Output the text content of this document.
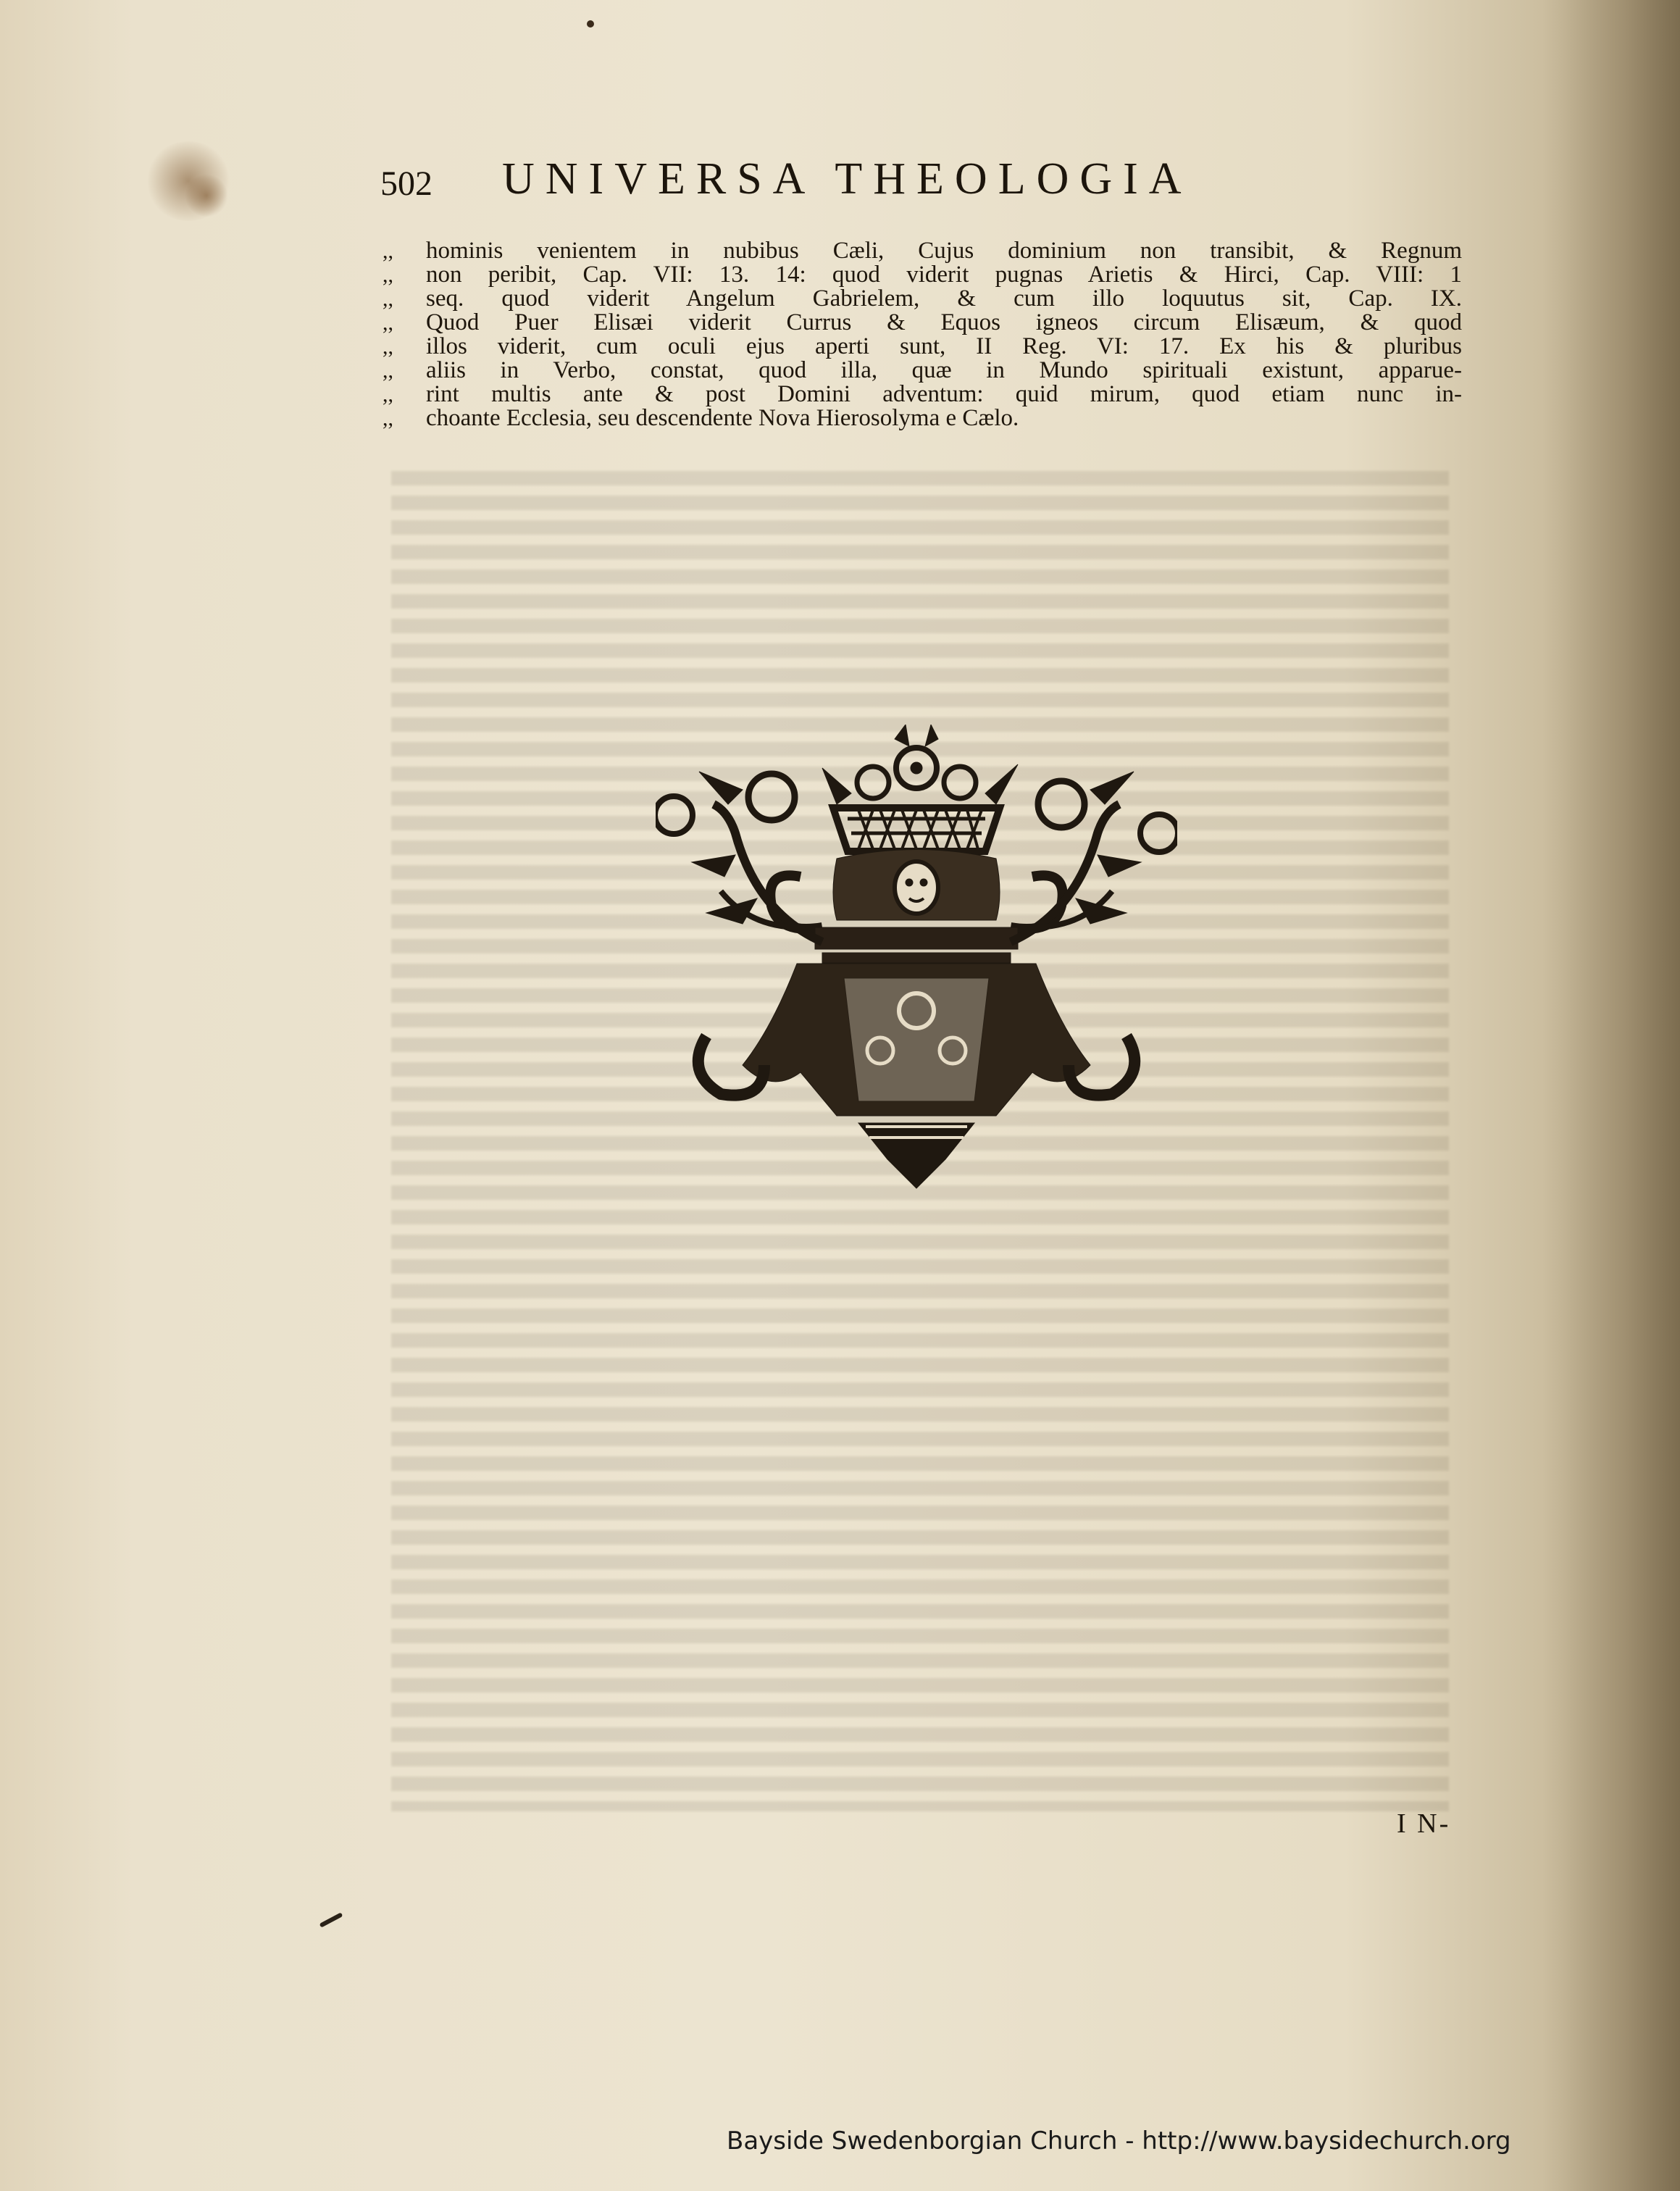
502 UNIVERSA THEOLOGIA
,,	hominis venientem in nubibus Cæli, Cujus dominium non transibit, & Regnum
,,	non peribit, Cap. VII: 13. 14: quod viderit pugnas Arietis & Hirci, Cap. VIII: 1
,,	seq. quod viderit Angelum Gabrielem, & cum illo loquutus sit, Cap. IX.
,,	Quod Puer Elisæi viderit Currus & Equos igneos circum Elisæum, & quod
,,	illos viderit, cum oculi ejus aperti sunt, II Reg. VI: 17. Ex his & pluribus
,,	aliis in Verbo, constat, quod illa, quæ in Mundo spirituali existunt, apparue-
,,	rint multis ante & post Domini adventum: quid mirum, quod etiam nunc in-
,,	choante Ecclesia, seu descendente Nova Hierosolyma e Cælo.
I N-
Bayside Swedenborgian Church - http://www.baysidechurch.org
